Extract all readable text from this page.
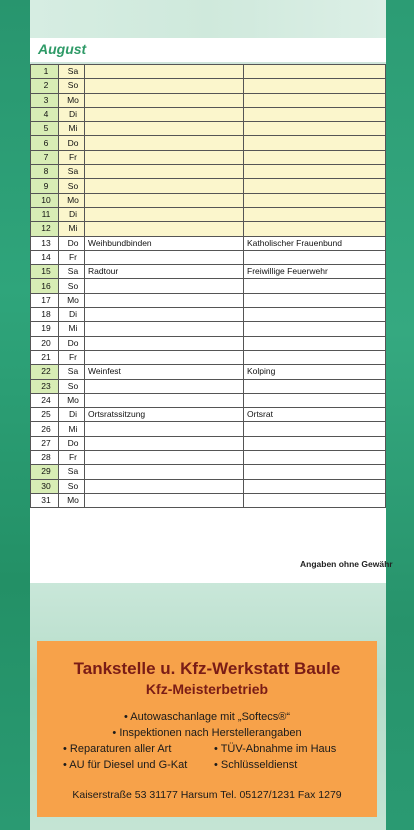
August
1	Sa		
2	So		
3	Mo		
4	Di		
5	Mi		
6	Do		
7	Fr		
8	Sa		
9	So		
10	Mo		
11	Di		
12	Mi		
13	Do	Weihbundbinden	Katholischer Frauenbund
14	Fr		
15	Sa	Radtour	Freiwillige Feuerwehr
16	So		
17	Mo		
18	Di		
19	Mi		
20	Do		
21	Fr		
22	Sa	Weinfest	Kolping
23	So		
24	Mo		
25	Di	Ortsratssitzung	Ortsrat
26	Mi		
27	Do		
28	Fr		
29	Sa		
30	So		
31	Mo		
Angaben ohne Gewähr
Tankstelle u. Kfz-Werkstatt Baule
Kfz-Meisterbetrieb
• Autowaschanlage mit „Softecs®“
• Inspektionen nach Herstellerangaben
• Reparaturen aller Art	• TÜV-Abnahme im Haus
• AU für Diesel und G-Kat • Schlüsseldienst
Kaiserstraße 53 31177 Harsum Tel. 05127/1231 Fax 1279
